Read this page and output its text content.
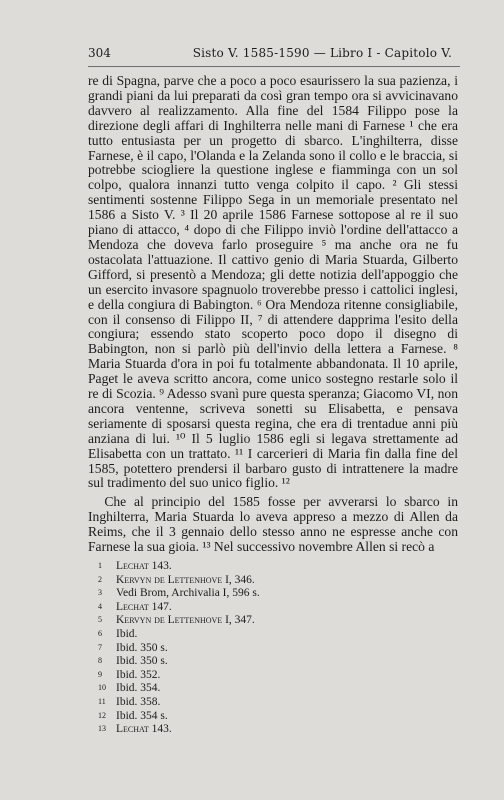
304	Sisto V. 1585-1590 — Libro I - Capitolo V.

re di Spagna, parve che a poco a poco esaurissero la sua pazienza, i grandi piani da lui preparati da così gran tempo ora si avvicinavano davvero al realizzamento. Alla fine del 1584 Filippo pose la direzione degli affari di Inghilterra nelle mani di Farnese ¹ che era tutto entusiasta per un progetto di sbarco. L'inghilterra, disse Farnese, è il capo, l'Olanda e la Zelanda sono il collo e le braccia, si potrebbe sciogliere la questione inglese e fiamminga con un sol colpo, qualora innanzi tutto venga colpito il capo. ² Gli stessi sentimenti sostenne Filippo Sega in un memoriale presentato nel 1586 a Sisto V. ³ Il 20 aprile 1586 Farnese sottopose al re il suo piano di attacco, ⁴ dopo di che Filippo inviò l'ordine dell'attacco a Mendoza che doveva farlo proseguire ⁵ ma anche ora ne fu ostacolata l'attuazione. Il cattivo genio di Maria Stuarda, Gilberto Gifford, si presentò a Mendoza; gli dette notizia dell'appoggio che un esercito invasore spagnuolo troverebbe presso i cattolici inglesi, e della congiura di Babington. ⁶ Ora Mendoza ritenne consigliabile, con il consenso di Filippo II, ⁷ di attendere dapprima l'esito della congiura; essendo stato scoperto poco dopo il disegno di Babington, non si parlò più dell'invio della lettera a Farnese. ⁸ Maria Stuarda d'ora in poi fu totalmente abbandonata. Il 10 aprile, Paget le aveva scritto ancora, come unico sostegno restarle solo il re di Scozia. ⁹ Adesso svanì pure questa speranza; Giacomo VI, non ancora ventenne, scriveva sonetti su Elisabetta, e pensava seriamente di sposarsi questa regina, che era di trentadue anni più anziana di lui. ¹⁰ Il 5 luglio 1586 egli si legava strettamente ad Elisabetta con un trattato. ¹¹ I carcerieri di Maria fin dalla fine del 1585, potettero prendersi il barbaro gusto di intrattenere la madre sul tradimento del suo unico figlio. ¹²

Che al principio del 1585 fosse per avverarsi lo sbarco in Inghilterra, Maria Stuarda lo aveva appreso a mezzo di Allen da Reims, che il 3 gennaio dello stesso anno ne espresse anche con Farnese la sua gioia. ¹³ Nel successivo novembre Allen si recò a

1 Lechat 143.
2 Kervyn de Lettenhove I, 346.
3 Vedi Brom, Archivalia I, 596 s.
4 Lechat 147.
5 Kervyn de Lettenhove I, 347.
6 Ibid.
7 Ibid. 350 s.
8 Ibid. 350 s.
9 Ibid. 352.
10 Ibid. 354.
11 Ibid. 358.
12 Ibid. 354 s.
13 Lechat 143.
